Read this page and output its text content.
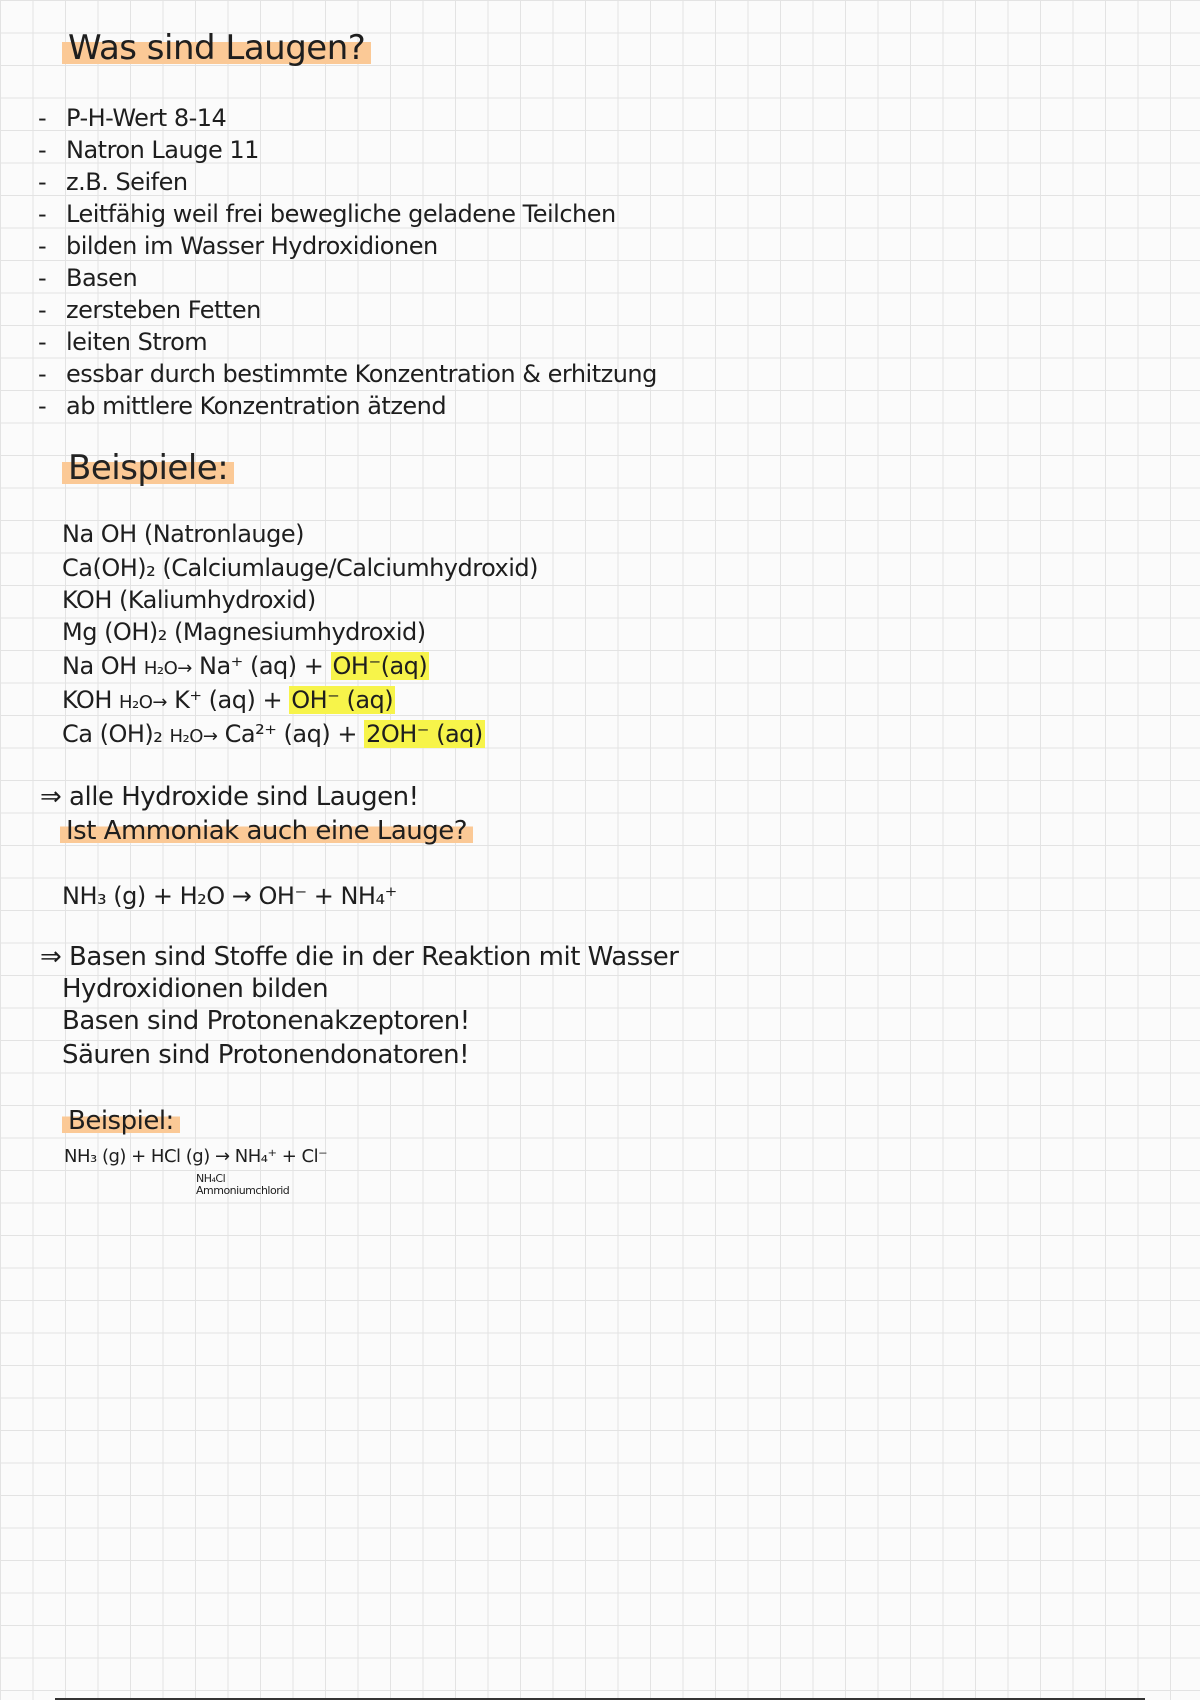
Was sind Laugen?
- P-H-Wert 8-14
- Natron Lauge 11
- z.B. Seifen
- Leitfähig weil frei bewegliche geladene Teilchen
- bilden im Wasser Hydroxidionen
- Basen
- zersteben Fetten
- leiten Strom
- essbar durch bestimmte Konzentration & erhitzung
- ab mittlere Konzentration ätzend
Beispiele:
Na OH (Natronlauge)
Ca(OH)₂ (Calciumlauge/Calciumhydroxid)
KOH (Kaliumhydroxid)
Mg (OH)₂ (Magnesiumhydroxid)
Na OH H₂O→ Na⁺ (aq) + OH⁻(aq)
KOH H₂O→ K⁺ (aq) + OH⁻ (aq)
Ca (OH)₂ H₂O→ Ca²⁺ (aq) + 2OH⁻ (aq)
⇒ alle Hydroxide sind Laugen!
Ist Ammoniak auch eine Lauge?
NH₃ (g) + H₂O → OH⁻ + NH₄⁺
⇒ Basen sind Stoffe die in der Reaktion mit Wasser
Hydroxidionen bilden
Basen sind Protonenakzeptoren!
Säuren sind Protonendonatoren!
Beispiel:
NH₃ (g) + HCl (g) → NH₄⁺ + Cl⁻
NH₄Cl
Ammoniumchlorid
